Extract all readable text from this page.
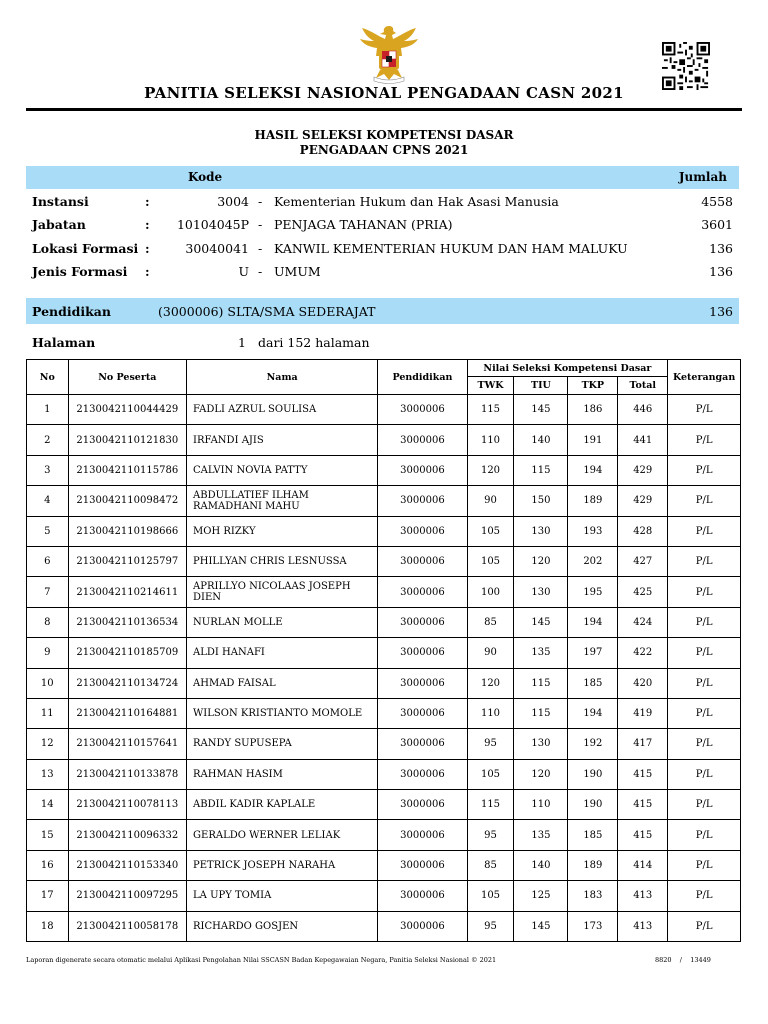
PANITIA SELEKSI NASIONAL PENGADAAN CASN 2021
HASIL SELEKSI KOMPETENSI DASAR
PENGADAAN CPNS 2021
Kode	Jumlah
Instansi	:	3004 - Kementerian Hukum dan Hak Asasi Manusia	4558
Jabatan	: 10104045P - PENJAGA TAHANAN (PRIA)	3601
Lokasi Formasi :	30040041 - KANWIL KEMENTERIAN HUKUM DAN HAM MALUKU	136
Jenis Formasi :	U - UMUM	136
Pendidikan	(3000006) SLTA/SMA SEDERAJAT	136
Halaman	1 dari 152 halaman
No	No Peserta	Nama	Pendidikan	Nilai Seleksi Kompetensi Dasar				Keterangan
				TWK	TIU	TKP	Total	
1	2130042110044429	FADLI AZRUL SOULISA	3000006	115	145	186	446	P/L
2	2130042110121830	IRFANDI AJIS	3000006	110	140	191	441	P/L
3	2130042110115786	CALVIN NOVIA PATTY	3000006	120	115	194	429	P/L
4	2130042110098472	ABDULLATIEF ILHAM RAMADHANI MAHU	3000006	90	150	189	429	P/L
5	2130042110198666	MOH RIZKY	3000006	105	130	193	428	P/L
6	2130042110125797	PHILLYAN CHRIS LESNUSSA	3000006	105	120	202	427	P/L
7	2130042110214611	APRILLYO NICOLAAS JOSEPH DIEN	3000006	100	130	195	425	P/L
8	2130042110136534	NURLAN MOLLE	3000006	85	145	194	424	P/L
9	2130042110185709	ALDI HANAFI	3000006	90	135	197	422	P/L
10	2130042110134724	AHMAD FAISAL	3000006	120	115	185	420	P/L
11	2130042110164881	WILSON KRISTIANTO MOMOLE	3000006	110	115	194	419	P/L
12	2130042110157641	RANDY SUPUSEPA	3000006	95	130	192	417	P/L
13	2130042110133878	RAHMAN HASIM	3000006	105	120	190	415	P/L
14	2130042110078113	ABDIL KADIR KAPLALE	3000006	115	110	190	415	P/L
15	2130042110096332	GERALDO WERNER LELIAK	3000006	95	135	185	415	P/L
16	2130042110153340	PETRICK JOSEPH NARAHA	3000006	85	140	189	414	P/L
17	2130042110097295	LA UPY TOMIA	3000006	105	125	183	413	P/L
18	2130042110058178	RICHARDO GOSJEN	3000006	95	145	173	413	P/L
Laporan digenerate secara otomatic melalui Aplikasi Pengolahan Nilai SSCASN Badan Kepegawaian Negara, Panitia Seleksi Nasional © 2021	8820    /    13449
